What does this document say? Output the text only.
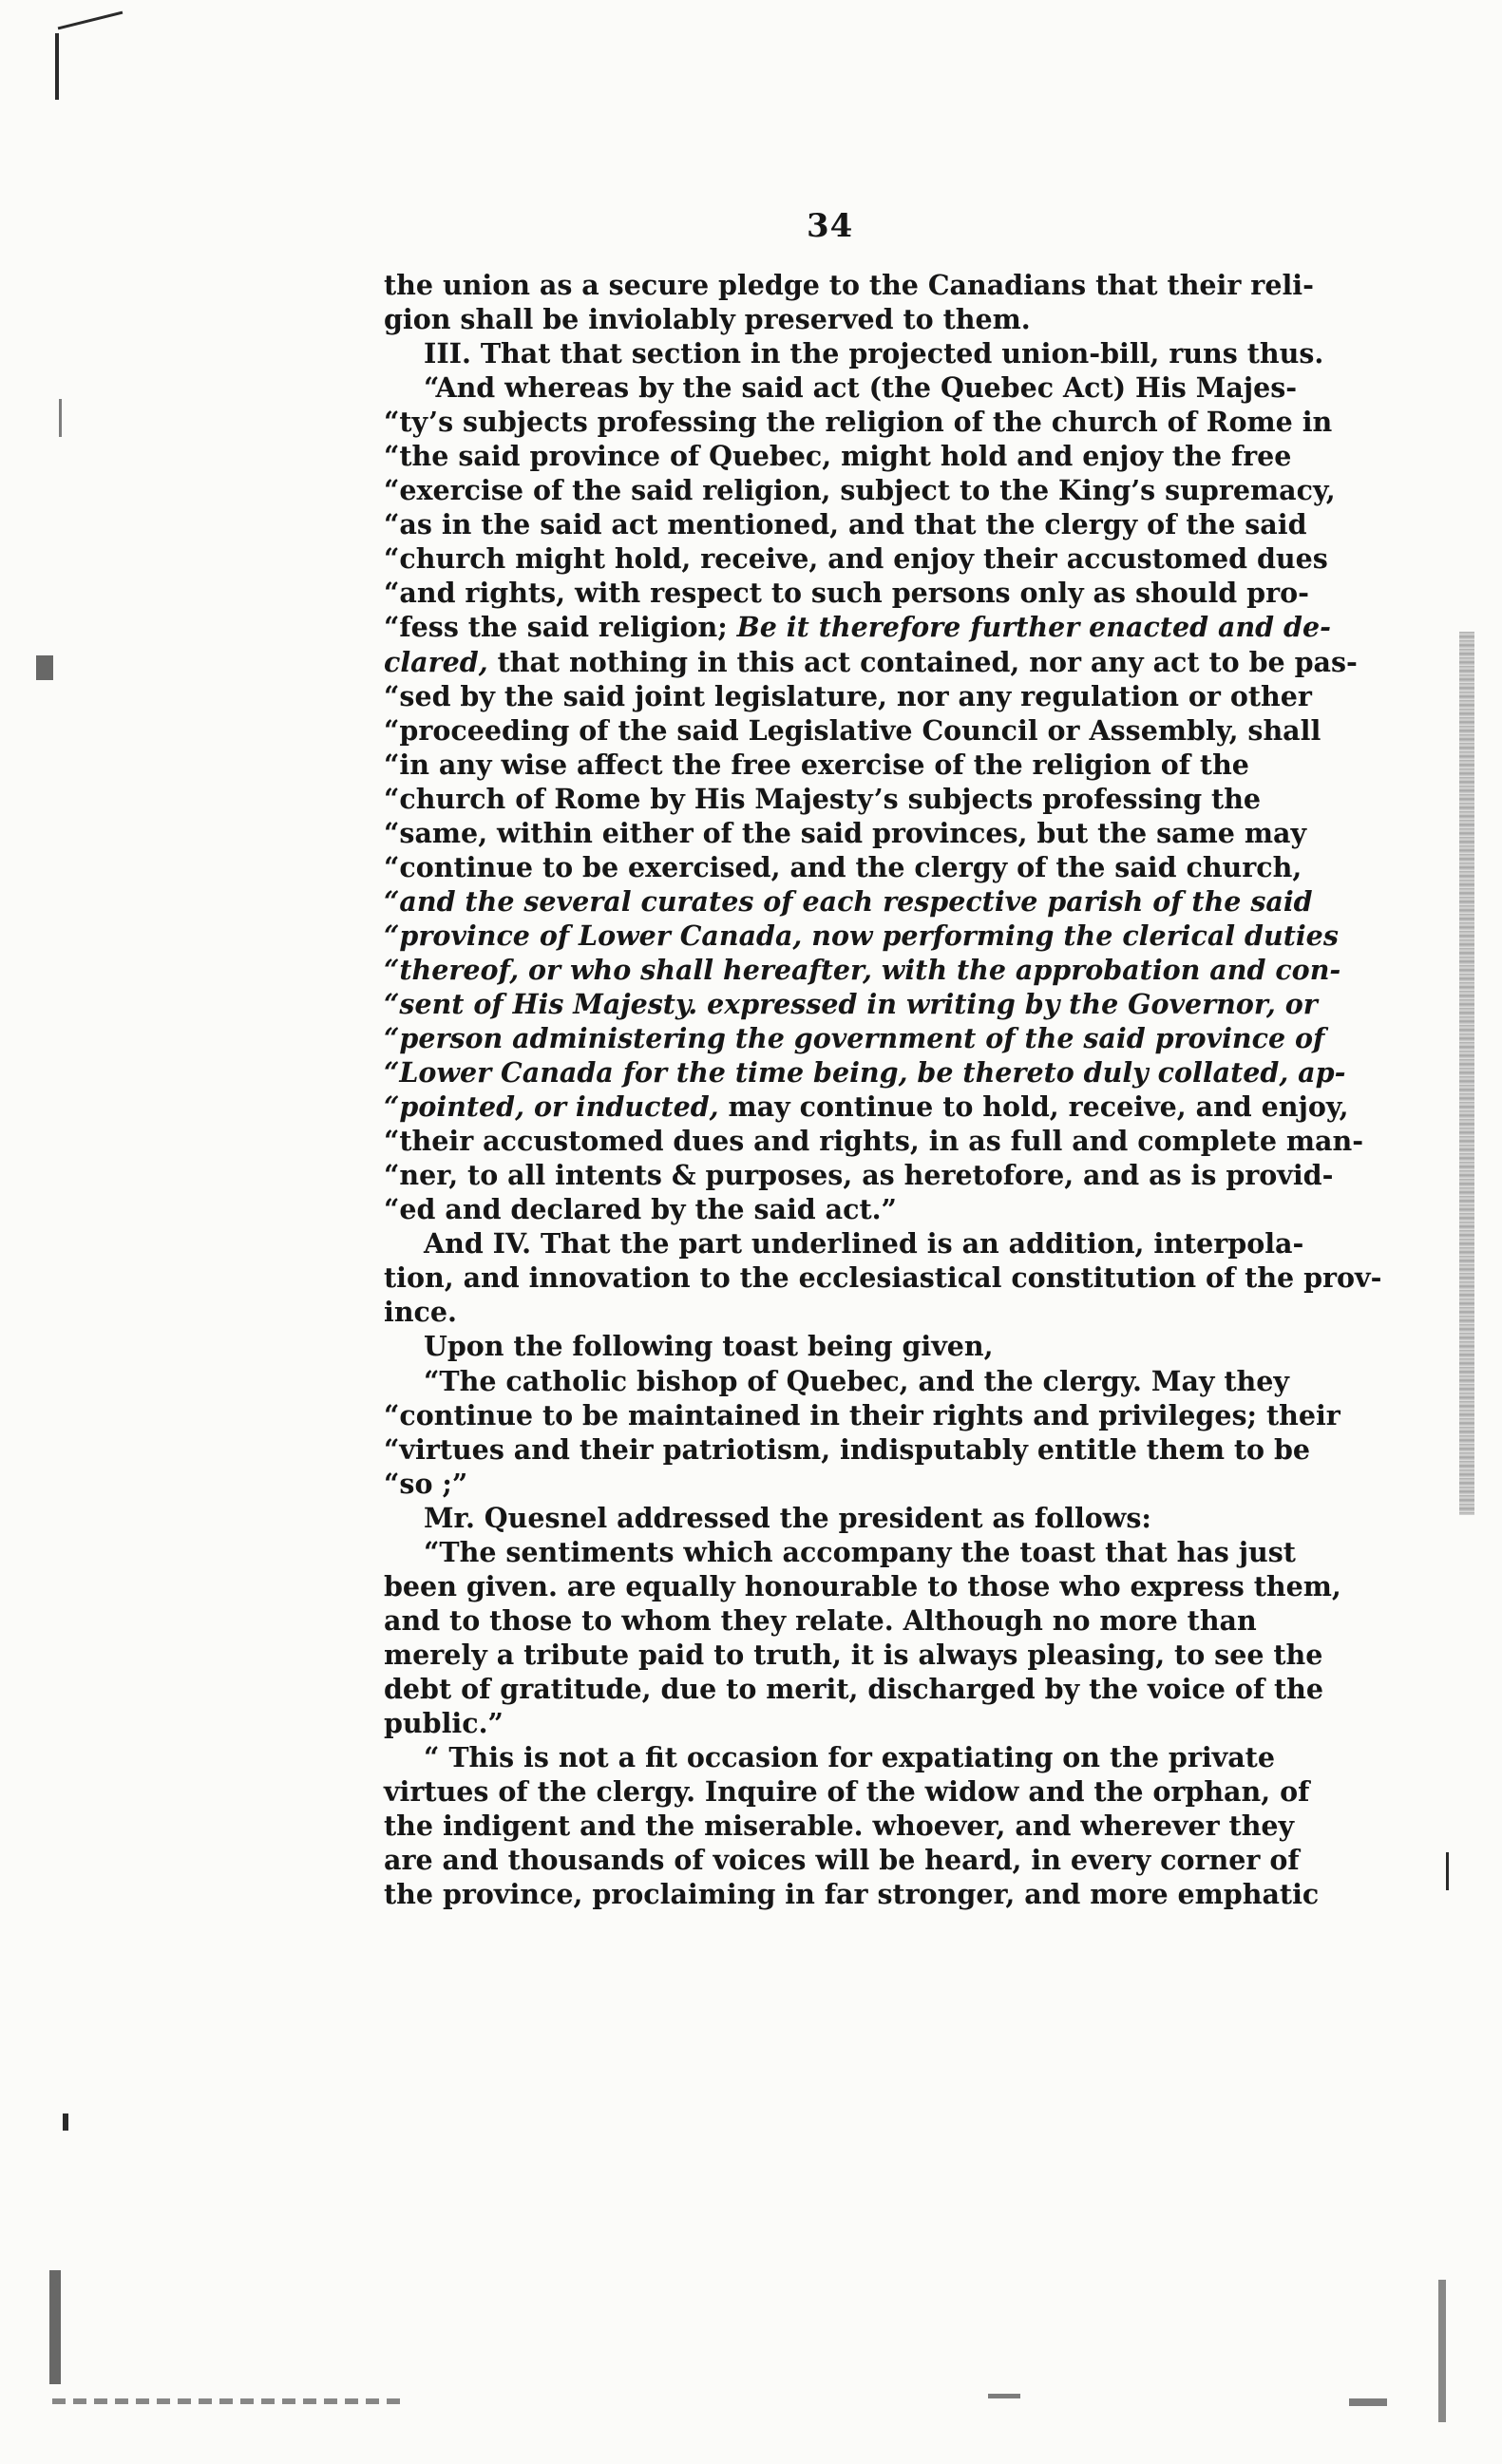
34
the union as a secure pledge to the Canadians that their reli-
gion shall be inviolably preserved to them.
III. That that section in the projected union-bill, runs thus.
“And whereas by the said act (the Quebec Act) His Majes-
“ty’s subjects professing the religion of the church of Rome in
“the said province of Quebec, might hold and enjoy the free
“exercise of the said religion, subject to the King’s supremacy,
“as in the said act mentioned, and that the clergy of the said
“church might hold, receive, and enjoy their accustomed dues
“and rights, with respect to such persons only as should pro-
“fess the said religion; Be it therefore further enacted and de-
clared, that nothing in this act contained, nor any act to be pas-
“sed by the said joint legislature, nor any regulation or other
“proceeding of the said Legislative Council or Assembly, shall
“in any wise affect the free exercise of the religion of the
“church of Rome by His Majesty’s subjects professing the
“same, within either of the said provinces, but the same may
“continue to be exercised, and the clergy of the said church,
“and the several curates of each respective parish of the said
“province of Lower Canada, now performing the clerical duties
“thereof, or who shall hereafter, with the approbation and con-
“sent of His Majesty. expressed in writing by the Governor, or
“person administering the government of the said province of
“Lower Canada for the time being, be thereto duly collated, ap-
“pointed, or inducted, may continue to hold, receive, and enjoy,
“their accustomed dues and rights, in as full and complete man-
“ner, to all intents & purposes, as heretofore, and as is provid-
“ed and declared by the said act.”
And IV. That the part underlined is an addition, interpola-
tion, and innovation to the ecclesiastical constitution of the prov-
ince.
Upon the following toast being given,
“The catholic bishop of Quebec, and the clergy. May they
“continue to be maintained in their rights and privileges; their
“virtues and their patriotism, indisputably entitle them to be
“so ;”
Mr. Quesnel addressed the president as follows:
“The sentiments which accompany the toast that has just
been given. are equally honourable to those who express them,
and to those to whom they relate. Although no more than
merely a tribute paid to truth, it is always pleasing, to see the
debt of gratitude, due to merit, discharged by the voice of the
public.”
“ This is not a fit occasion for expatiating on the private
virtues of the clergy. Inquire of the widow and the orphan, of
the indigent and the miserable. whoever, and wherever they
are and thousands of voices will be heard, in every corner of
the province, proclaiming in far stronger, and more emphatic
